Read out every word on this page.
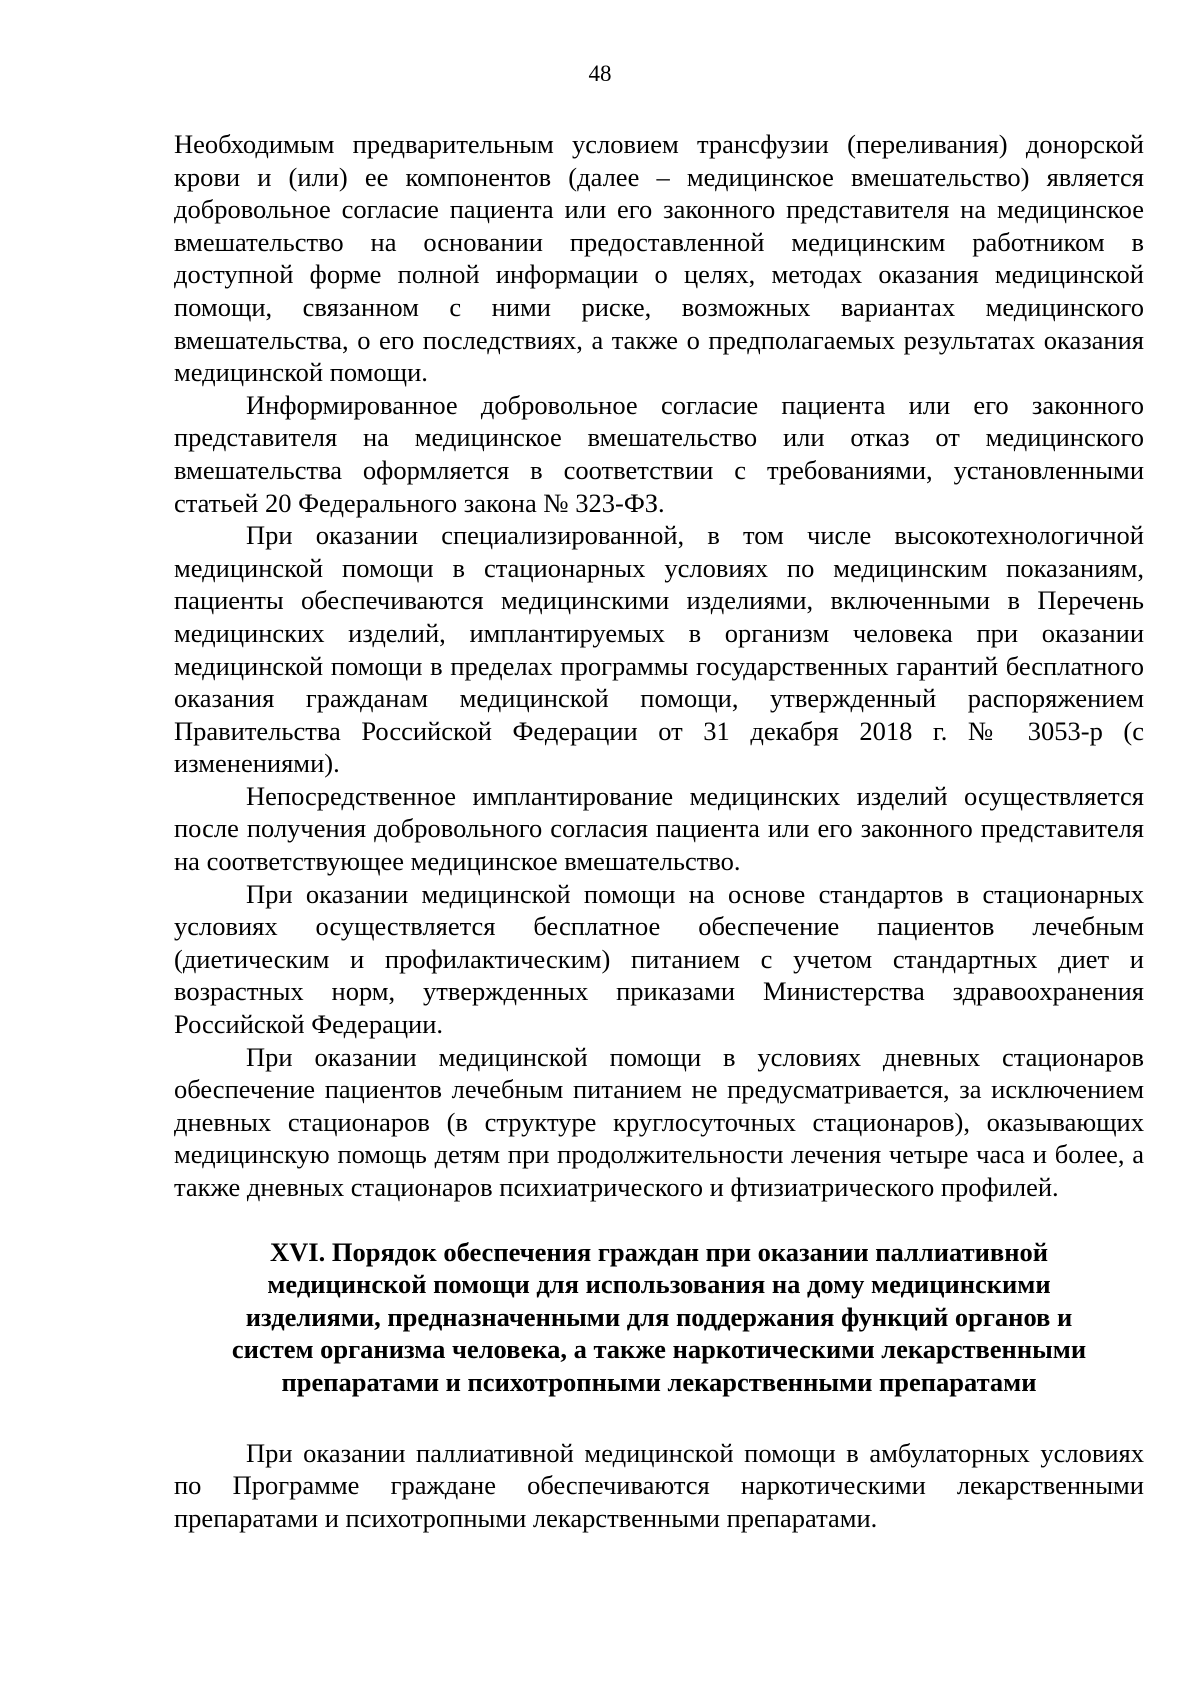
48

Необходимым предварительным условием трансфузии (переливания) донорской крови и (или) ее компонентов (далее – медицинское вмешательство) является добровольное согласие пациента или его законного представителя на медицинское вмешательство на основании предоставленной медицинским работником в доступной форме полной информации о целях, методах оказания медицинской помощи, связанном с ними риске, возможных вариантах медицинского вмешательства, о его последствиях, а также о предполагаемых результатах оказания медицинской помощи.

Информированное добровольное согласие пациента или его законного представителя на медицинское вмешательство или отказ от медицинского вмешательства оформляется в соответствии с требованиями, установленными статьей 20 Федерального закона № 323-ФЗ.

При оказании специализированной, в том числе высокотехнологичной медицинской помощи в стационарных условиях по медицинским показаниям, пациенты обеспечиваются медицинскими изделиями, включенными в Перечень медицинских изделий, имплантируемых в организм человека при оказании медицинской помощи в пределах программы государственных гарантий бесплатного оказания гражданам медицинской помощи, утвержденный распоряжением Правительства Российской Федерации от 31 декабря 2018 г. № 3053-р (с изменениями).

Непосредственное имплантирование медицинских изделий осуществляется после получения добровольного согласия пациента или его законного представителя на соответствующее медицинское вмешательство.

При оказании медицинской помощи на основе стандартов в стационарных условиях осуществляется бесплатное обеспечение пациентов лечебным (диетическим и профилактическим) питанием с учетом стандартных диет и возрастных норм, утвержденных приказами Министерства здравоохранения Российской Федерации.

При оказании медицинской помощи в условиях дневных стационаров обеспечение пациентов лечебным питанием не предусматривается, за исключением дневных стационаров (в структуре круглосуточных стационаров), оказывающих медицинскую помощь детям при продолжительности лечения четыре часа и более, а также дневных стационаров психиатрического и фтизиатрического профилей.

XVI. Порядок обеспечения граждан при оказании паллиативной медицинской помощи для использования на дому медицинскими изделиями, предназначенными для поддержания функций органов и систем организма человека, а также наркотическими лекарственными препаратами и психотропными лекарственными препаратами

При оказании паллиативной медицинской помощи в амбулаторных условиях по Программе граждане обеспечиваются наркотическими лекарственными препаратами и психотропными лекарственными препаратами.
